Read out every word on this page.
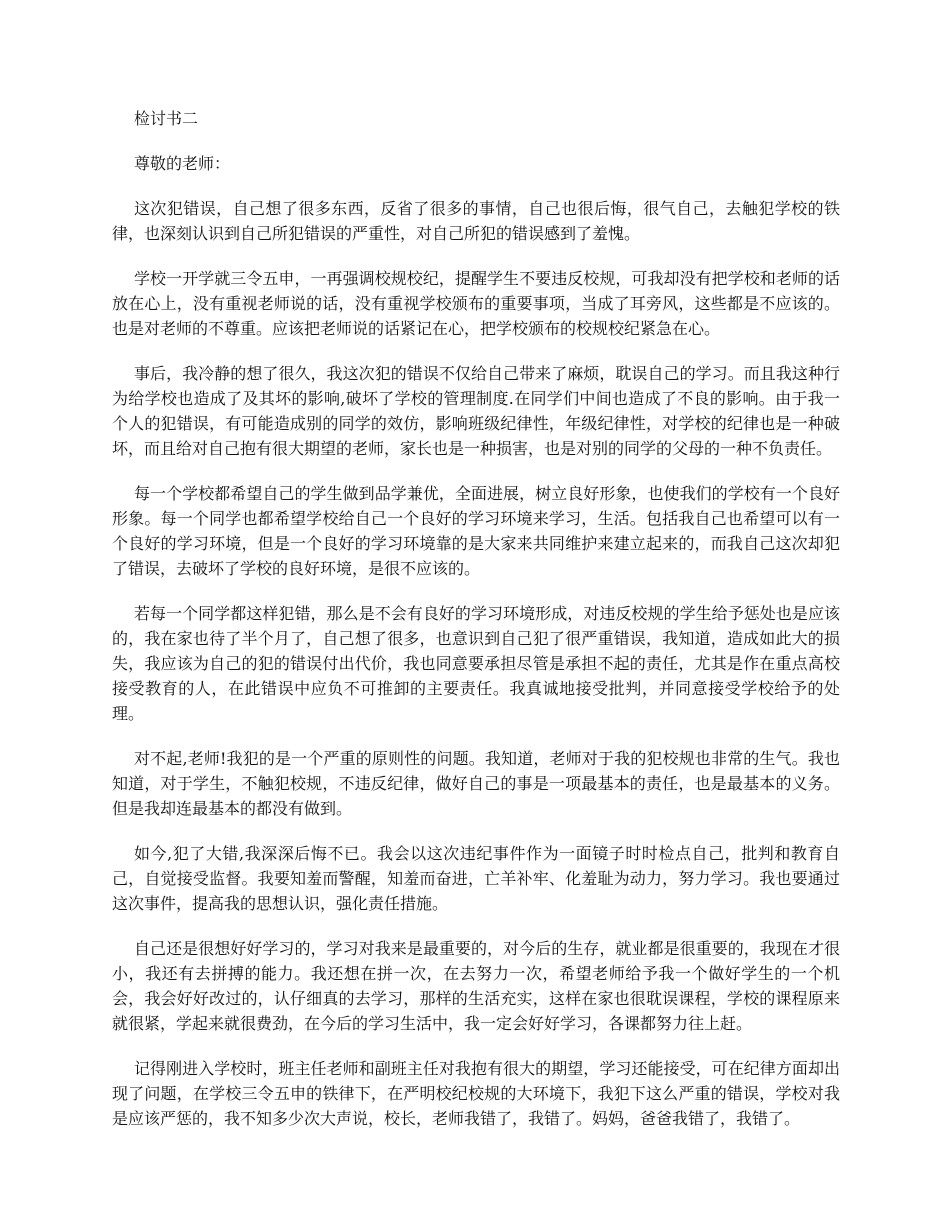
检讨书二
尊敬的老师：

这次犯错误，自己想了很多东西，反省了很多的事情，自己也很后悔，很气自己，去触犯学校的铁律，也深刻认识到自己所犯错误的严重性，对自己所犯的错误感到了羞愧。

学校一开学就三令五申，一再强调校规校纪，提醒学生不要违反校规，可我却没有把学校和老师的话放在心上，没有重视老师说的话，没有重视学校颁布的重要事项，当成了耳旁风，这些都是不应该的。也是对老师的不尊重。应该把老师说的话紧记在心，把学校颁布的校规校纪紧急在心。

事后，我冷静的想了很久，我这次犯的错误不仅给自己带来了麻烦，耽误自己的学习。而且我这种行为给学校也造成了及其坏的影响,破坏了学校的管理制度.在同学们中间也造成了不良的影响。由于我一个人的犯错误，有可能造成别的同学的效仿，影响班级纪律性，年级纪律性，对学校的纪律也是一种破坏，而且给对自己抱有很大期望的老师，家长也是一种损害，也是对别的同学的父母的一种不负责任。

每一个学校都希望自己的学生做到品学兼优，全面进展，树立良好形象，也使我们的学校有一个良好形象。每一个同学也都希望学校给自己一个良好的学习环境来学习，生活。包括我自己也希望可以有一个良好的学习环境，但是一个良好的学习环境靠的是大家来共同维护来建立起来的，而我自己这次却犯了错误，去破坏了学校的良好环境，是很不应该的。

若每一个同学都这样犯错，那么是不会有良好的学习环境形成，对违反校规的学生给予惩处也是应该的，我在家也待了半个月了，自己想了很多，也意识到自己犯了很严重错误，我知道，造成如此大的损失，我应该为自己的犯的错误付出代价，我也同意要承担尽管是承担不起的责任，尤其是作在重点高校接受教育的人，在此错误中应负不可推卸的主要责任。我真诚地接受批判，并同意接受学校给予的处理。

对不起,老师!我犯的是一个严重的原则性的问题。我知道，老师对于我的犯校规也非常的生气。我也知道，对于学生，不触犯校规，不违反纪律，做好自己的事是一项最基本的责任，也是最基本的义务。但是我却连最基本的都没有做到。

如今,犯了大错,我深深后悔不已。我会以这次违纪事件作为一面镜子时时检点自己，批判和教育自己，自觉接受监督。我要知羞而警醒，知羞而奋进，亡羊补牢、化羞耻为动力，努力学习。我也要通过这次事件，提高我的思想认识，强化责任措施。

自己还是很想好好学习的，学习对我来是最重要的，对今后的生存，就业都是很重要的，我现在才很小，我还有去拼搏的能力。我还想在拼一次，在去努力一次，希望老师给予我一个做好学生的一个机会，我会好好改过的，认仔细真的去学习，那样的生活充实，这样在家也很耽误课程，学校的课程原来就很紧，学起来就很费劲，在今后的学习生活中，我一定会好好学习，各课都努力往上赶。

记得刚进入学校时，班主任老师和副班主任对我抱有很大的期望，学习还能接受，可在纪律方面却出现了问题，在学校三令五申的铁律下，在严明校纪校规的大环境下，我犯下这么严重的错误，学校对我是应该严惩的，我不知多少次大声说，校长，老师我错了，我错了。妈妈，爸爸我错了，我错了。
